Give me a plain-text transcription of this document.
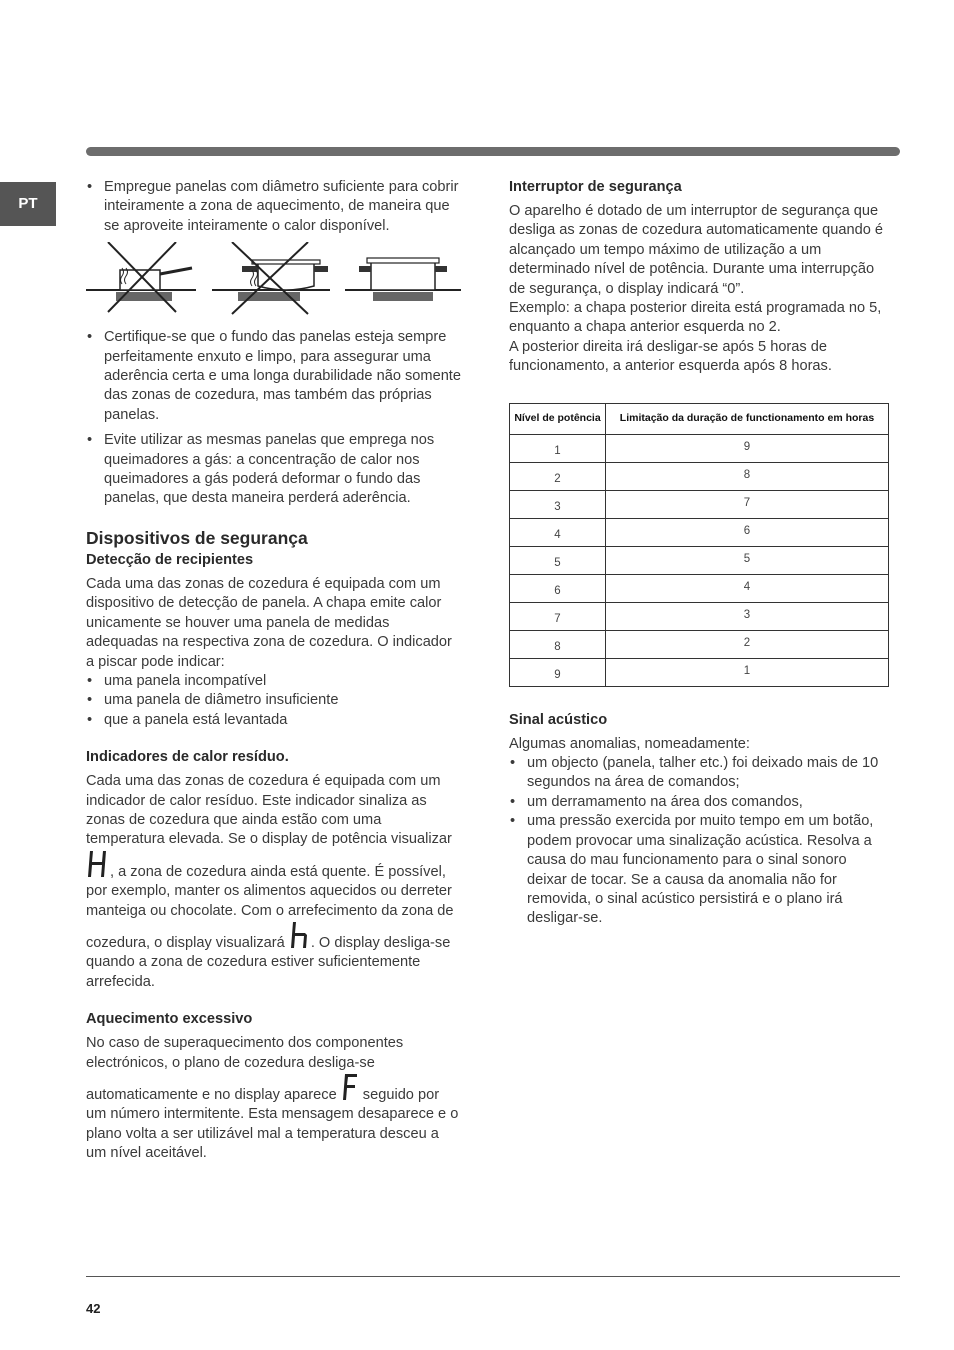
PT
• Empregue panelas com diâmetro suficiente para cobrir inteiramente a zona de aquecimento, de maneira que se aproveite inteiramente o calor disponível.
• Certifique-se que o fundo das panelas esteja sempre perfeitamente enxuto e limpo, para assegurar uma aderência certa e uma longa durabilidade não somente das zonas de cozedura, mas também das próprias panelas.
• Evite utilizar as mesmas panelas que emprega nos queimadores a gás: a concentração de calor nos queimadores a gás poderá deformar o fundo das panelas, que desta maneira perderá aderência.
Dispositivos de segurança
Detecção de recipientes

Cada uma das zonas de cozedura é equipada com um dispositivo de detecção de panela. A chapa emite calor unicamente se houver uma panela de medidas adequadas na respectiva zona de cozedura. O indicador a piscar pode indicar:

• uma panela incompatível
• uma panela de diâmetro insuficiente
• que a panela está levantada
Indicadores de calor resíduo.

Cada uma das zonas de cozedura é equipada com um indicador de calor resíduo. Este indicador sinaliza as zonas de cozedura que ainda estão com uma temperatura elevada. Se o display de potência visualizar , a zona de cozedura ainda está quente. É possível, por exemplo, manter os alimentos aquecidos ou derreter manteiga ou chocolate. Com o arrefecimento da zona de cozedura, o display visualizará . O display desliga-se quando a zona de cozedura estiver suficientemente arrefecida.

Aquecimento excessivo

No caso de superaquecimento dos componentes electrónicos, o plano de cozedura desliga-se automaticamente e no display aparece  seguido por um número intermitente. Esta mensagem desaparece e o plano volta a ser utilizável mal a temperatura desceu a um nível aceitável.

Interruptor de segurança

O aparelho é dotado de um interruptor de segurança que desliga as zonas de cozedura automaticamente quando é alcançado um tempo máximo de utilização a um determinado nível de potência. Durante uma interrupção de segurança, o display indicará “0”.

Exemplo: a chapa posterior direita está programada no 5, enquanto a chapa anterior esquerda no 2.

A posterior direita irá desligar-se após 5 horas de funcionamento, a anterior esquerda após 8 horas.

Nível de potência	Limitação da duração de functionamento em horas
1	9
2	8
3	7
4	6
5	5
6	4
7	3
8	2
9	1
Sinal acústico

Algumas anomalias, nomeadamente:

• um objecto (panela, talher etc.) foi deixado mais de 10 segundos na área de comandos;
• um derramamento na área dos comandos,
• uma pressão exercida por muito tempo em um botão, podem provocar uma sinalização acústica. Resolva a causa do mau funcionamento para o sinal sonoro deixar de tocar. Se a causa da anomalia não for removida, o sinal acústico persistirá e o plano irá desligar-se.
42
